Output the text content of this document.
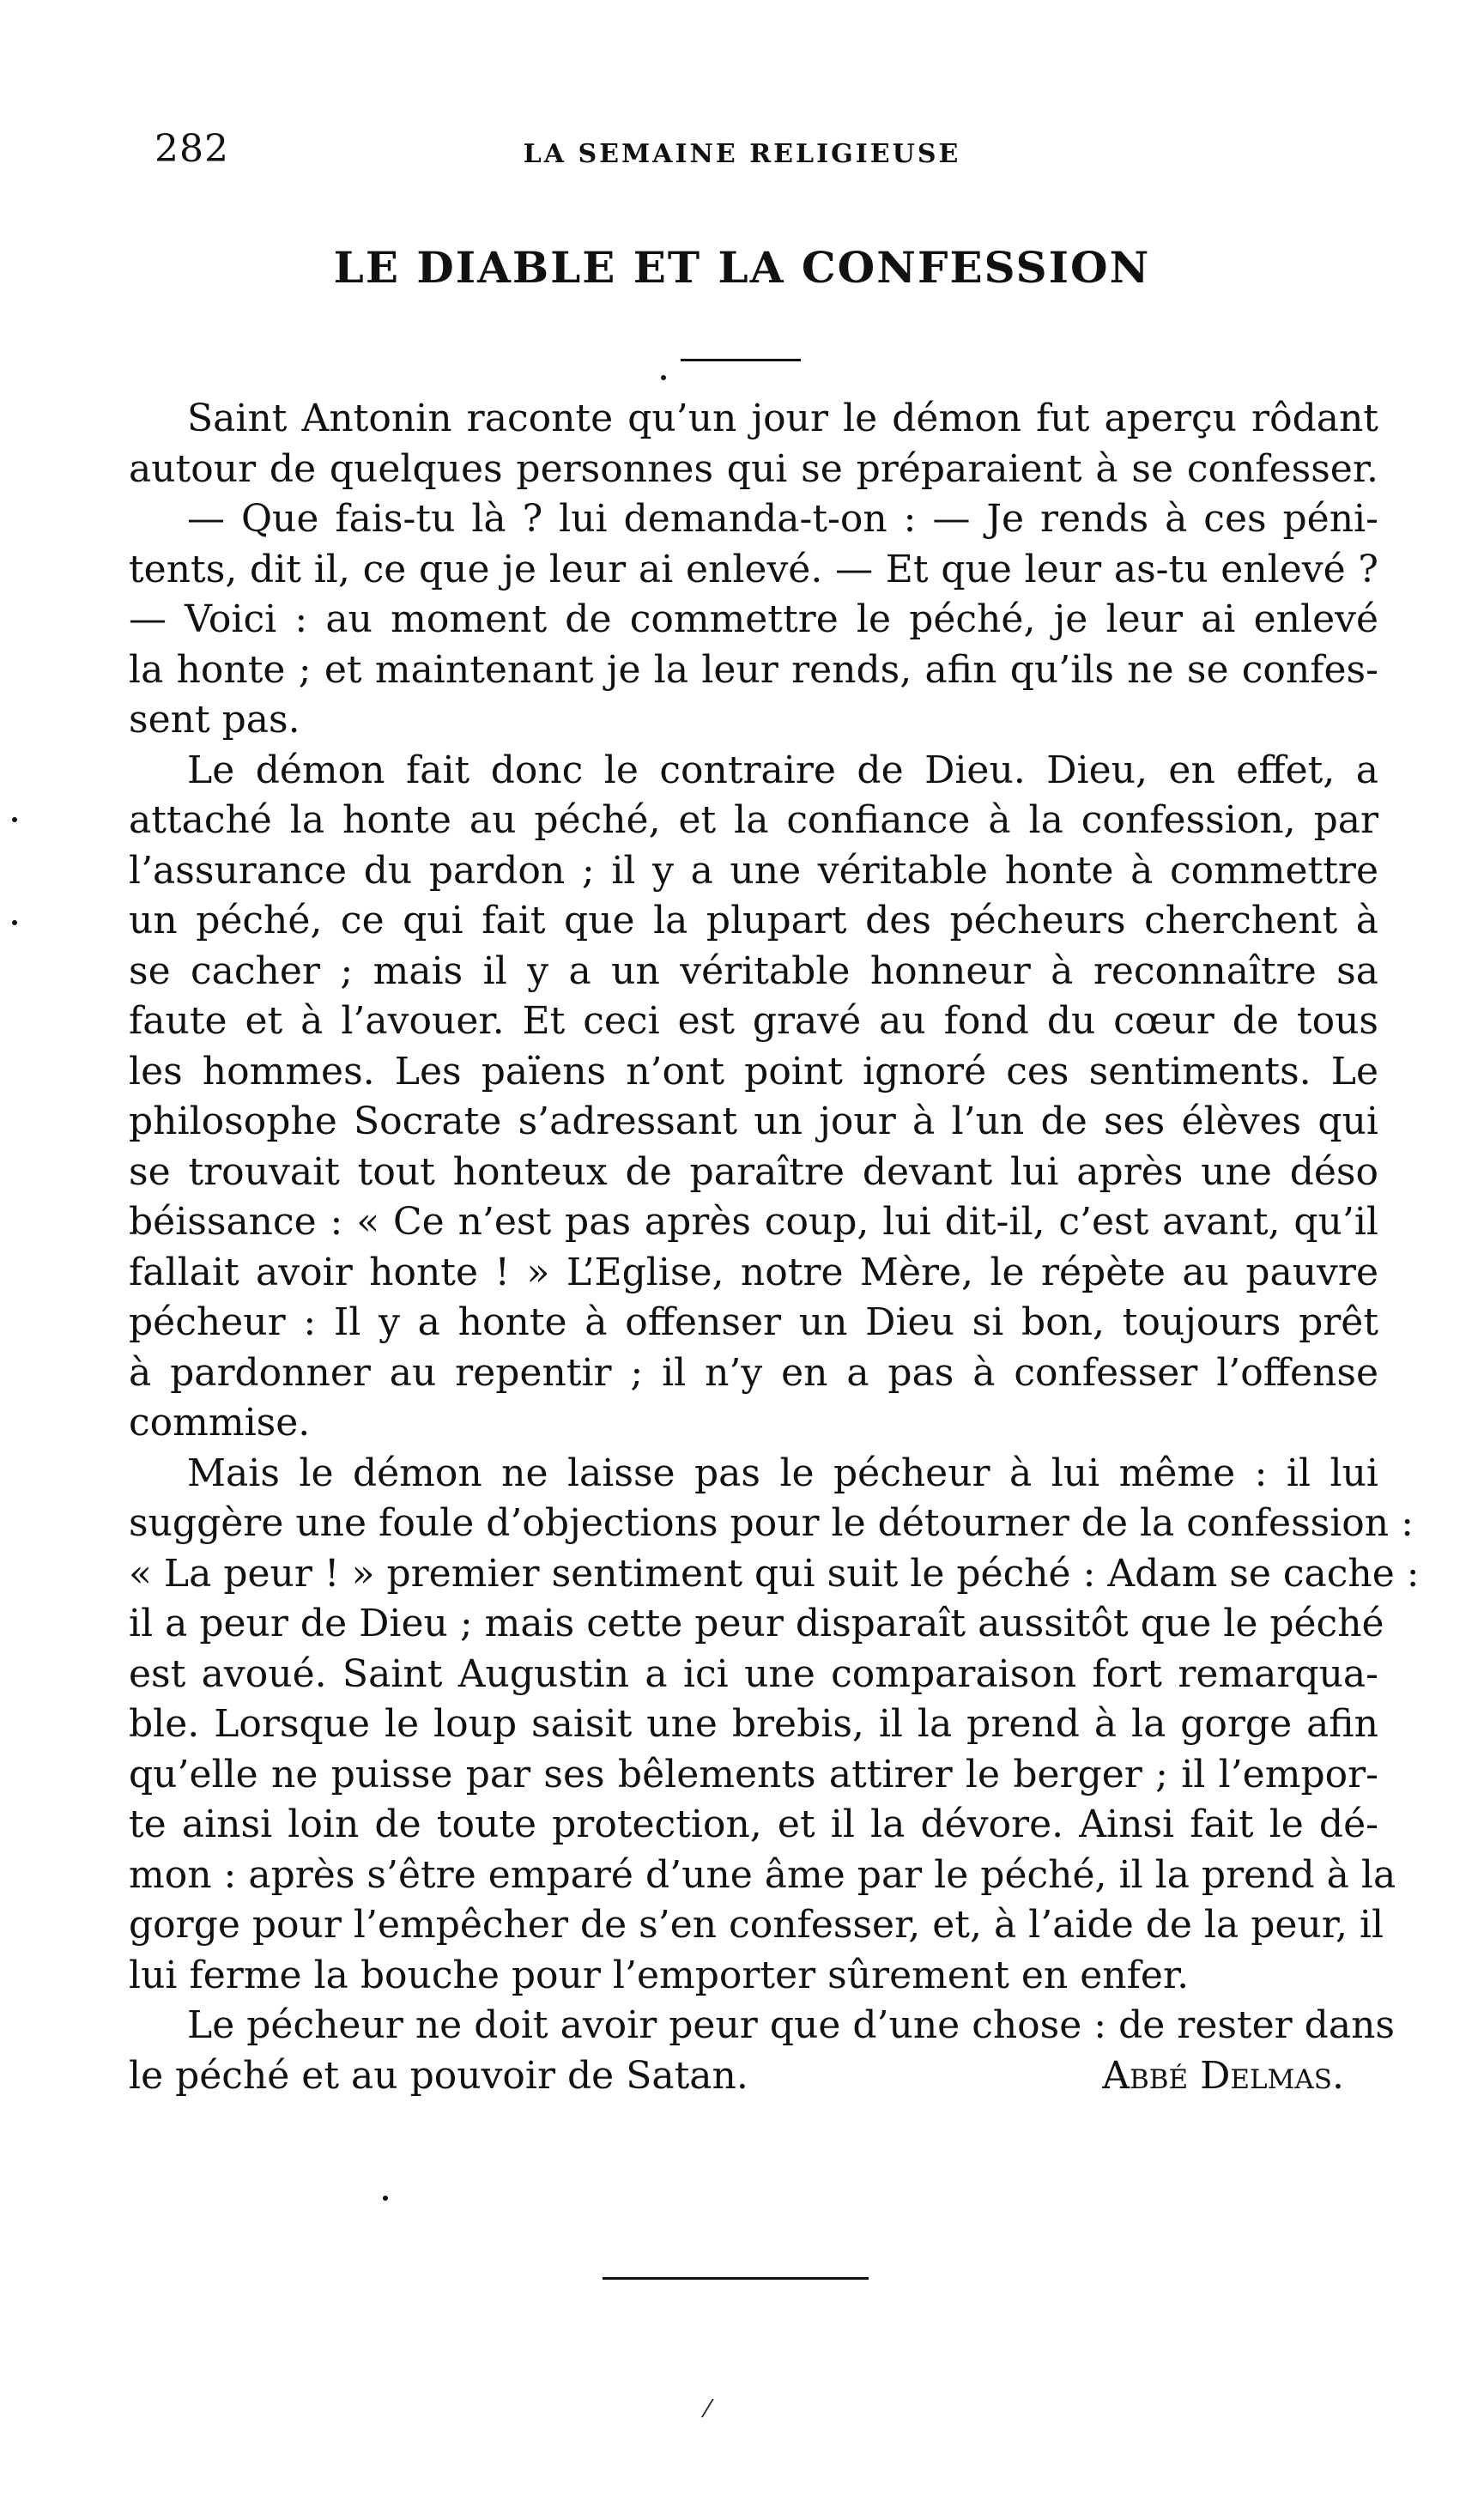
282	LA SEMAINE RELIGIEUSE
LE DIABLE ET LA CONFESSION
Saint Antonin raconte qu’un jour le démon fut aperçu rôdant
autour de quelques personnes qui se préparaient à se confesser.
— Que fais-tu là ? lui demanda-t-on : — Je rends à ces péni-
tents, dit il, ce que je leur ai enlevé. — Et que leur as-tu enlevé ?
— Voici : au moment de commettre le péché, je leur ai enlevé
la honte ; et maintenant je la leur rends, afin qu’ils ne se confes-
sent pas.
Le démon fait donc le contraire de Dieu. Dieu, en effet, a
attaché la honte au péché, et la confiance à la confession, par
l’assurance du pardon ; il y a une véritable honte à commettre
un péché, ce qui fait que la plupart des pécheurs cherchent à
se cacher ; mais il y a un véritable honneur à reconnaître sa
faute et à l’avouer. Et ceci est gravé au fond du cœur de tous
les hommes. Les païens n’ont point ignoré ces sentiments. Le
philosophe Socrate s’adressant un jour à l’un de ses élèves qui
se trouvait tout honteux de paraître devant lui après une déso
béissance : « Ce n’est pas après coup, lui dit-il, c’est avant, qu’il
fallait avoir honte ! » L’Eglise, notre Mère, le répète au pauvre
pécheur : Il y a honte à offenser un Dieu si bon, toujours prêt
à pardonner au repentir ; il n’y en a pas à confesser l’offense
commise.
Mais le démon ne laisse pas le pécheur à lui même : il lui
suggère une foule d’objections pour le détourner de la confession :
« La peur ! » premier sentiment qui suit le péché : Adam se cache :
il a peur de Dieu ; mais cette peur disparaît aussitôt que le péché
est avoué. Saint Augustin a ici une comparaison fort remarqua-
ble. Lorsque le loup saisit une brebis, il la prend à la gorge afin
qu’elle ne puisse par ses bêlements attirer le berger ; il l’empor-
te ainsi loin de toute protection, et il la dévore. Ainsi fait le dé-
mon : après s’être emparé d’une âme par le péché, il la prend à la
gorge pour l’empêcher de s’en confesser, et, à l’aide de la peur, il
lui ferme la bouche pour l’emporter sûrement en enfer.
Le pécheur ne doit avoir peur que d’une chose : de rester dans
le péché et au pouvoir de Satan.	Abbé Delmas.
⁄
